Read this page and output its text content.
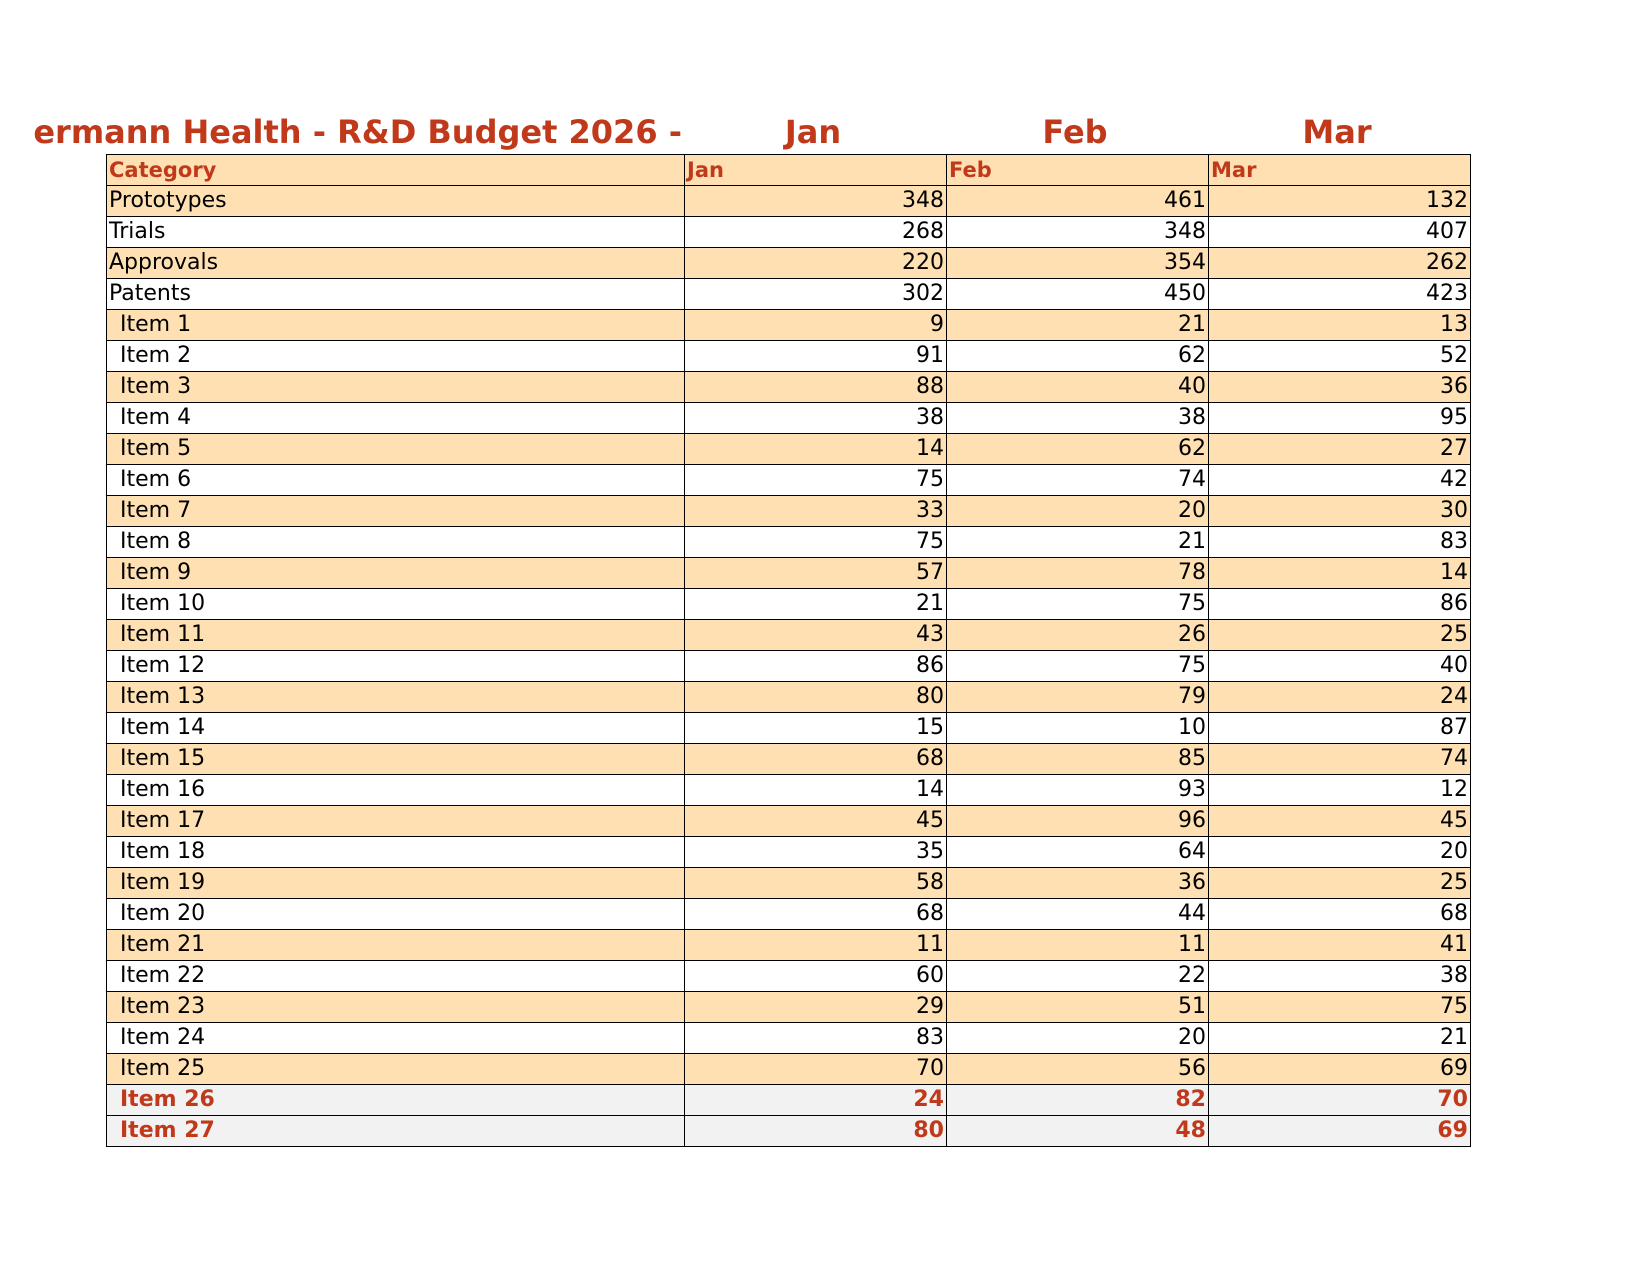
ermann Health - R&D Budget 2026 -	Jan	Feb	Mar
Category	Jan	Feb	Mar
Prototypes	348	461	132
Trials	268	348	407
Approvals	220	354	262
Patents	302	450	423
Item 1	9	21	13
Item 2	91	62	52
Item 3	88	40	36
Item 4	38	38	95
Item 5	14	62	27
Item 6	75	74	42
Item 7	33	20	30
Item 8	75	21	83
Item 9	57	78	14
Item 10	21	75	86
Item 11	43	26	25
Item 12	86	75	40
Item 13	80	79	24
Item 14	15	10	87
Item 15	68	85	74
Item 16	14	93	12
Item 17	45	96	45
Item 18	35	64	20
Item 19	58	36	25
Item 20	68	44	68
Item 21	11	11	41
Item 22	60	22	38
Item 23	29	51	75
Item 24	83	20	21
Item 25	70	56	69
Item 26	24	82	70
Item 27	80	48	69
